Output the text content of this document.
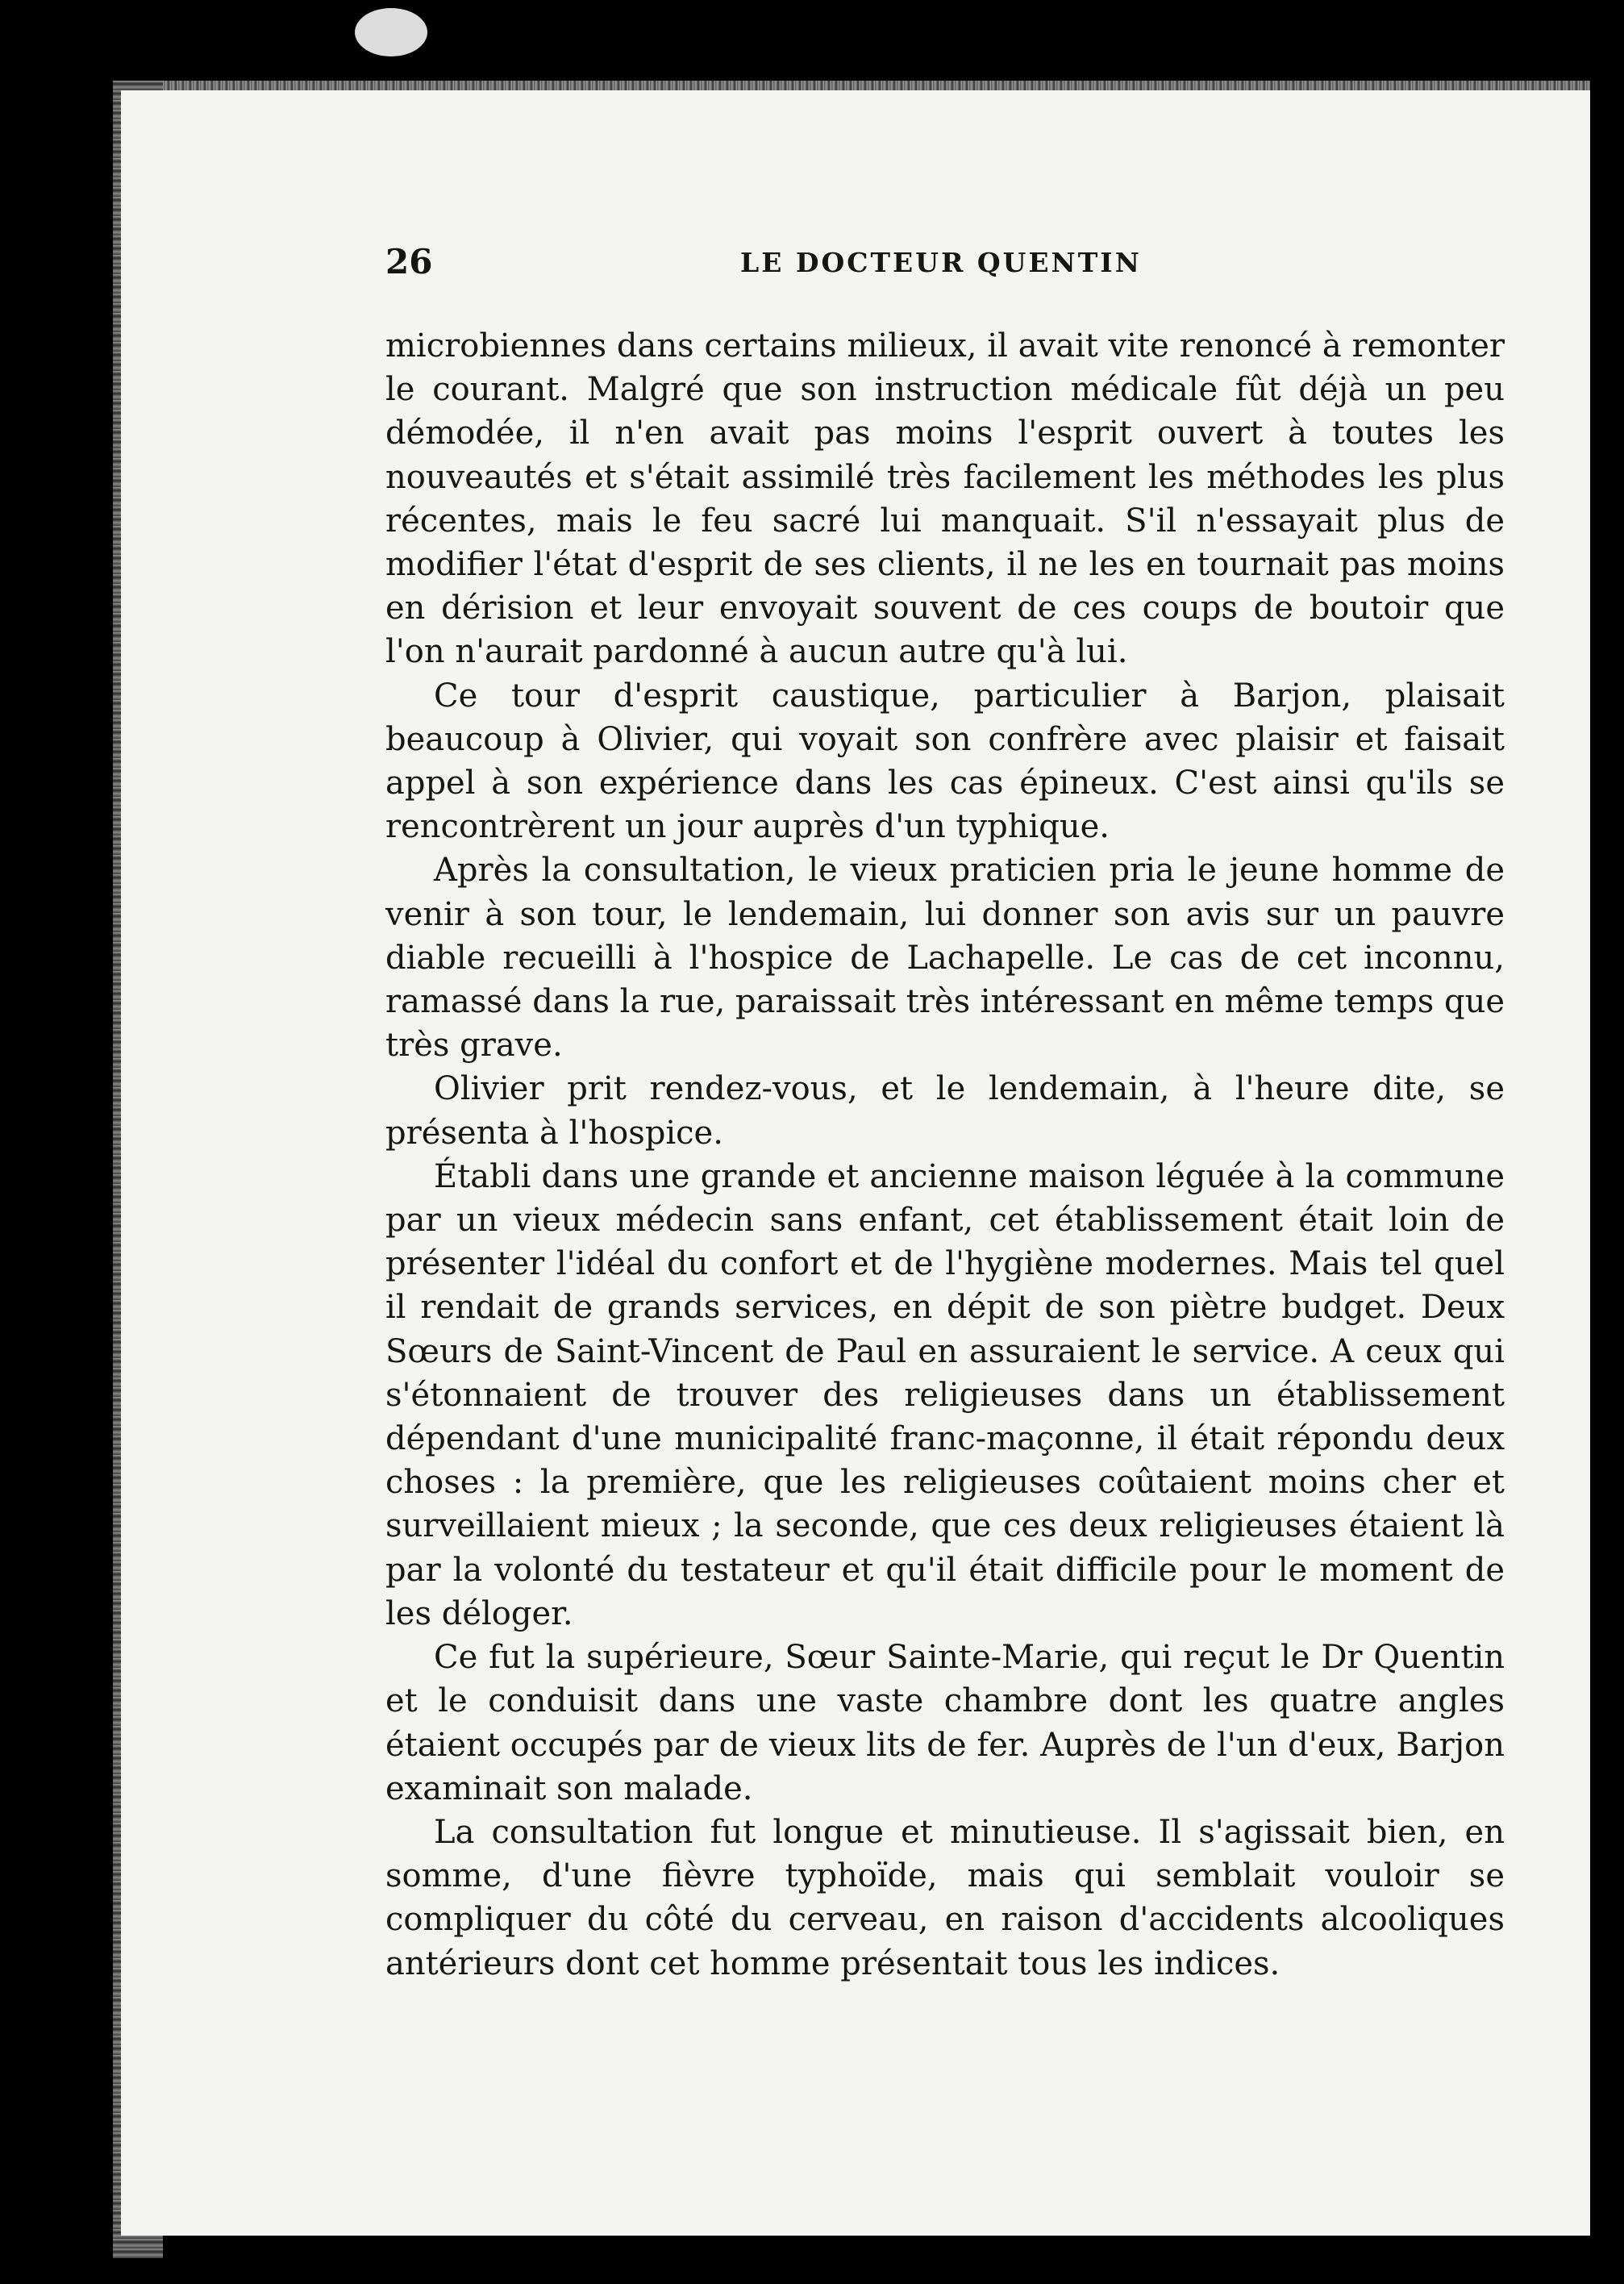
26	LE DOCTEUR QUENTIN

microbiennes dans certains milieux, il avait vite renoncé à remonter le courant. Malgré que son instruction médicale fût déjà un peu démodée, il n'en avait pas moins l'esprit ouvert à toutes les nouveautés et s'était assimilé très facilement les méthodes les plus récentes, mais le feu sacré lui manquait. S'il n'essayait plus de modifier l'état d'esprit de ses clients, il ne les en tournait pas moins en dérision et leur envoyait souvent de ces coups de boutoir que l'on n'aurait pardonné à aucun autre qu'à lui.

Ce tour d'esprit caustique, particulier à Barjon, plaisait beaucoup à Olivier, qui voyait son confrère avec plaisir et faisait appel à son expérience dans les cas épineux. C'est ainsi qu'ils se rencontrèrent un jour auprès d'un typhique.

Après la consultation, le vieux praticien pria le jeune homme de venir à son tour, le lendemain, lui donner son avis sur un pauvre diable recueilli à l'hospice de Lachapelle. Le cas de cet inconnu, ramassé dans la rue, paraissait très intéressant en même temps que très grave.

Olivier prit rendez-vous, et le lendemain, à l'heure dite, se présenta à l'hospice.

Établi dans une grande et ancienne maison léguée à la commune par un vieux médecin sans enfant, cet établissement était loin de présenter l'idéal du confort et de l'hygiène modernes. Mais tel quel il rendait de grands services, en dépit de son piètre budget. Deux Sœurs de Saint-Vincent de Paul en assuraient le service. A ceux qui s'étonnaient de trouver des religieuses dans un établissement dépendant d'une municipalité franc-maçonne, il était répondu deux choses : la première, que les religieuses coûtaient moins cher et surveillaient mieux ; la seconde, que ces deux religieuses étaient là par la volonté du testateur et qu'il était difficile pour le moment de les déloger.

Ce fut la supérieure, Sœur Sainte-Marie, qui reçut le Dr Quentin et le conduisit dans une vaste chambre dont les quatre angles étaient occupés par de vieux lits de fer. Auprès de l'un d'eux, Barjon examinait son malade.

La consultation fut longue et minutieuse. Il s'agissait bien, en somme, d'une fièvre typhoïde, mais qui semblait vouloir se compliquer du côté du cerveau, en raison d'accidents alcooliques antérieurs dont cet homme présentait tous les indices.
